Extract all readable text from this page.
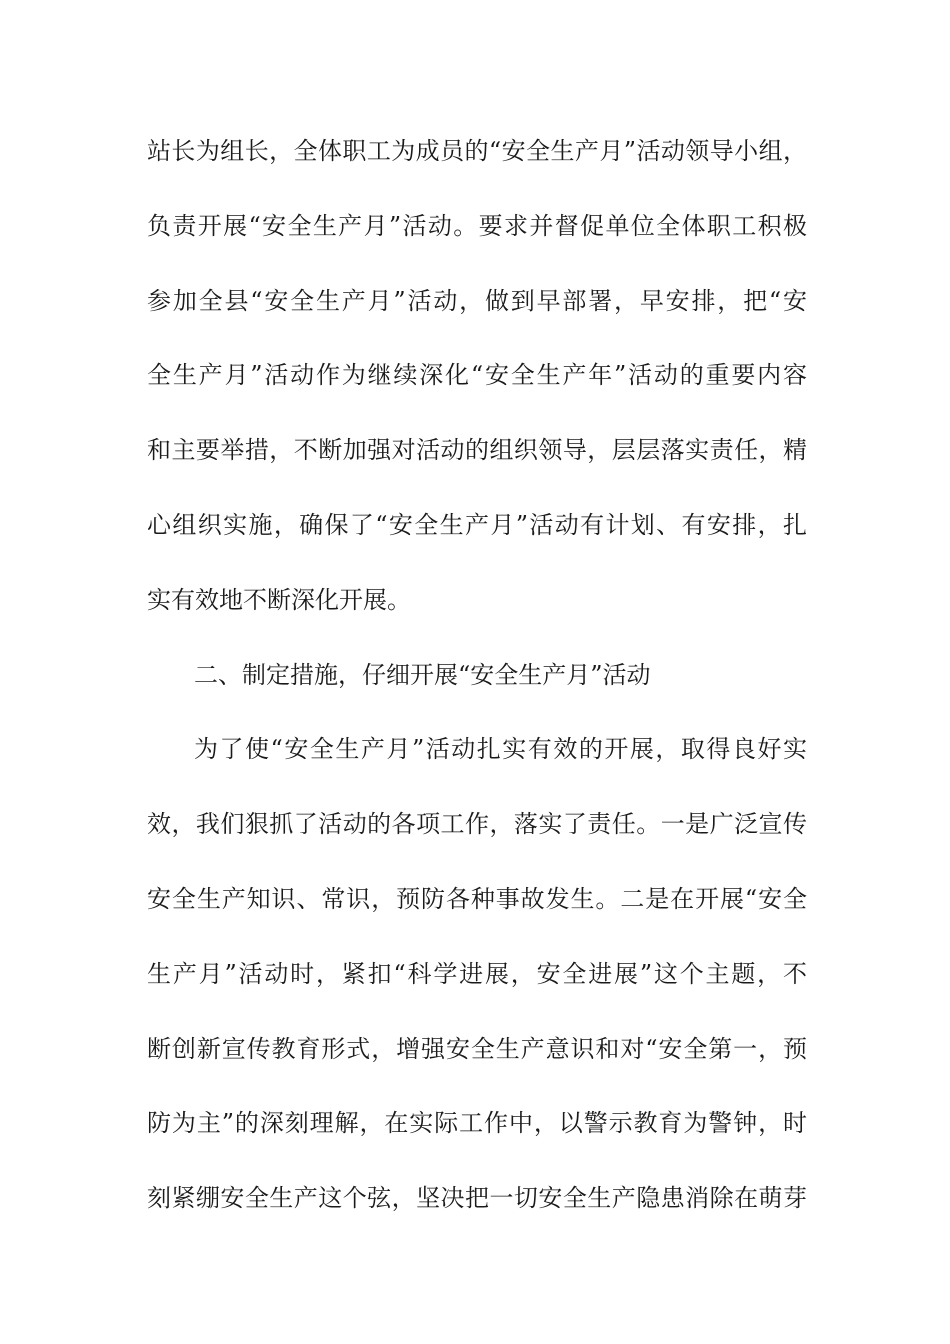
站长为组长，全体职工为成员的“安全生产月”活动领导小组，
负责开展“安全生产月”活动。要求并督促单位全体职工积极
参加全县“安全生产月”活动，做到早部署，早安排，把“安
全生产月”活动作为继续深化“安全生产年”活动的重要内容
和主要举措，不断加强对活动的组织领导，层层落实责任，精
心组织实施，确保了“安全生产月”活动有计划、有安排，扎
实有效地不断深化开展。
二、制定措施，仔细开展“安全生产月”活动
为了使“安全生产月”活动扎实有效的开展，取得良好实
效，我们狠抓了活动的各项工作，落实了责任。一是广泛宣传
安全生产知识、常识，预防各种事故发生。二是在开展“安全
生产月”活动时，紧扣“科学进展，安全进展”这个主题，不
断创新宣传教育形式，增强安全生产意识和对“安全第一，预
防为主”的深刻理解，在实际工作中，以警示教育为警钟，时
刻紧绷安全生产这个弦，坚决把一切安全生产隐患消除在萌芽
